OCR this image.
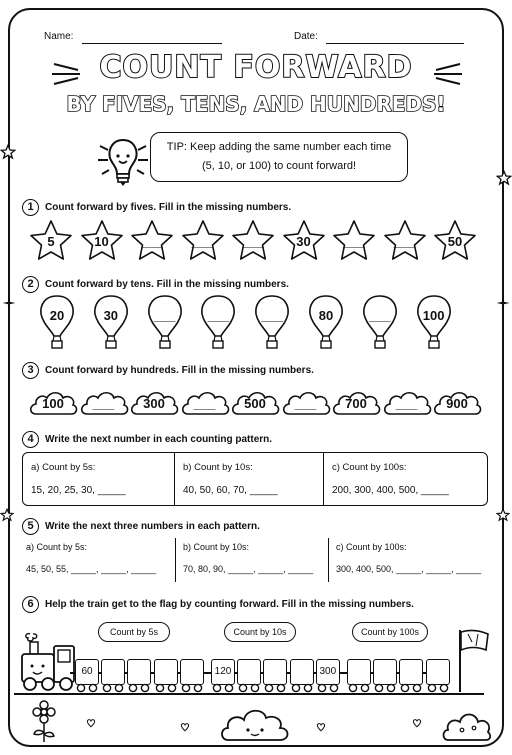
Name:	Date:
COUNT FORWARD
BY FIVES, TENS, AND HUNDREDS!
TIP: Keep adding the same number each time
(5, 10, or 100) to count forward!
1 Count forward by fives. Fill in the missing numbers.
5	10	___	___	___	30	___	___	50
2 Count forward by tens. Fill in the missing numbers.
20	30	___	___	___	80	___	100
3 Count forward by hundreds. Fill in the missing numbers.
100	___	300	___	500	___	700	___	900
4 Write the next number in each counting pattern.
a) Count by 5s:
15, 20, 25, 30, _____
b) Count by 10s:
40, 50, 60, 70, _____
c) Count by 100s:
200, 300, 400, 500, _____
5 Write the next three numbers in each pattern.
a) Count by 5s:
45, 50, 55, _____, _____, _____
b) Count by 10s:
70, 80, 90, _____, _____, _____
c) Count by 100s:
300, 400, 500, _____, _____, _____
6 Help the train get to the flag by counting forward. Fill in the missing numbers.
Count by 5s	Count by 10s	Count by 100s
60	120	300
